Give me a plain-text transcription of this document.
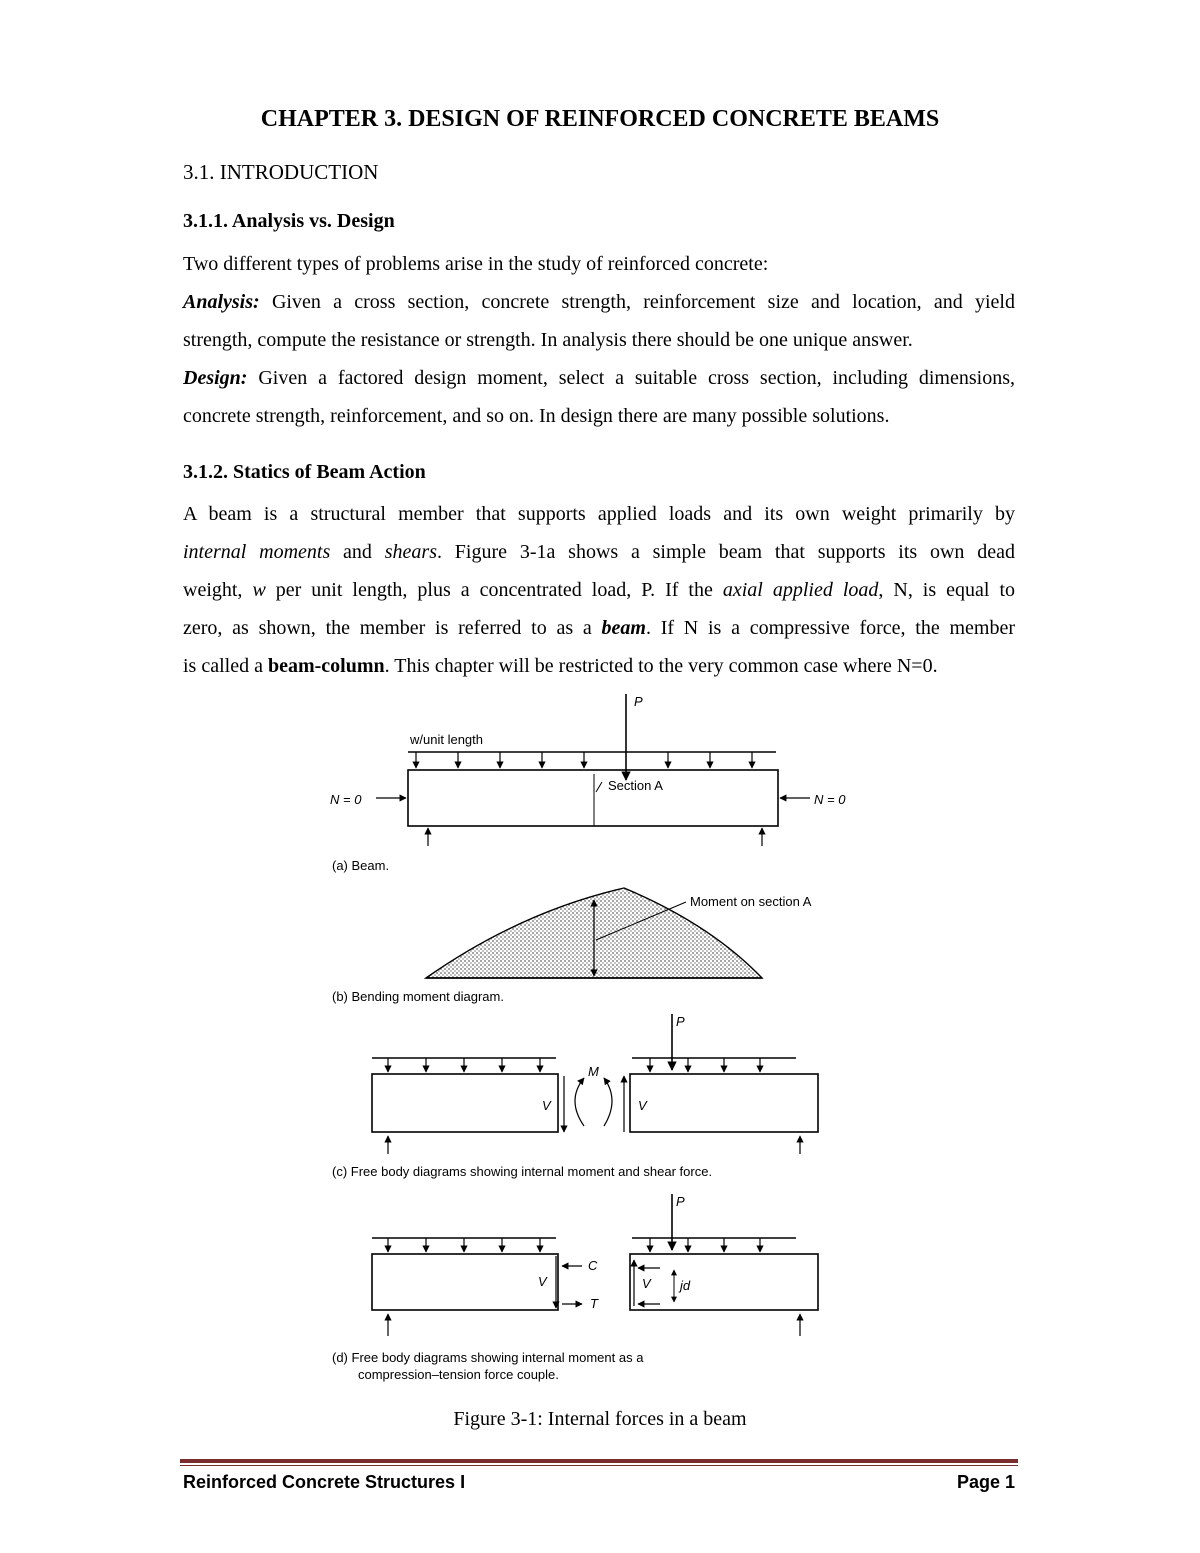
CHAPTER 3. DESIGN OF REINFORCED CONCRETE BEAMS
3.1. INTRODUCTION
3.1.1. Analysis vs. Design

Two different types of problems arise in the study of reinforced concrete:

Analysis: Given a cross section, concrete strength, reinforcement size and location, and yield

strength, compute the resistance or strength. In analysis there should be one unique answer.

Design: Given a factored design moment, select a suitable cross section, including dimensions,

concrete strength, reinforcement, and so on. In design there are many possible solutions.

3.1.2. Statics of Beam Action

A beam is a structural member that supports applied loads and its own weight primarily by

internal moments and shears. Figure 3-1a shows a simple beam that supports its own dead

weight, w per unit length, plus a concentrated load, P. If the axial applied load, N, is equal to

zero, as shown, the member is referred to as a beam. If N is a compressive force, the member

is called a beam-column. This chapter will be restricted to the very common case where N=0.

P
w/unit length
Section A
N = 0	N = 0
(a) Beam.
Moment on section A
(b) Bending moment diagram.
V
M
P
V
(c) Free body diagrams showing internal moment and shear force.
V
C
T
P
V jd
(d) Free body diagrams showing internal moment as a
compression–tension force couple.
Figure 3-1: Internal forces in a beam
Reinforced Concrete Structures I	Page 1
